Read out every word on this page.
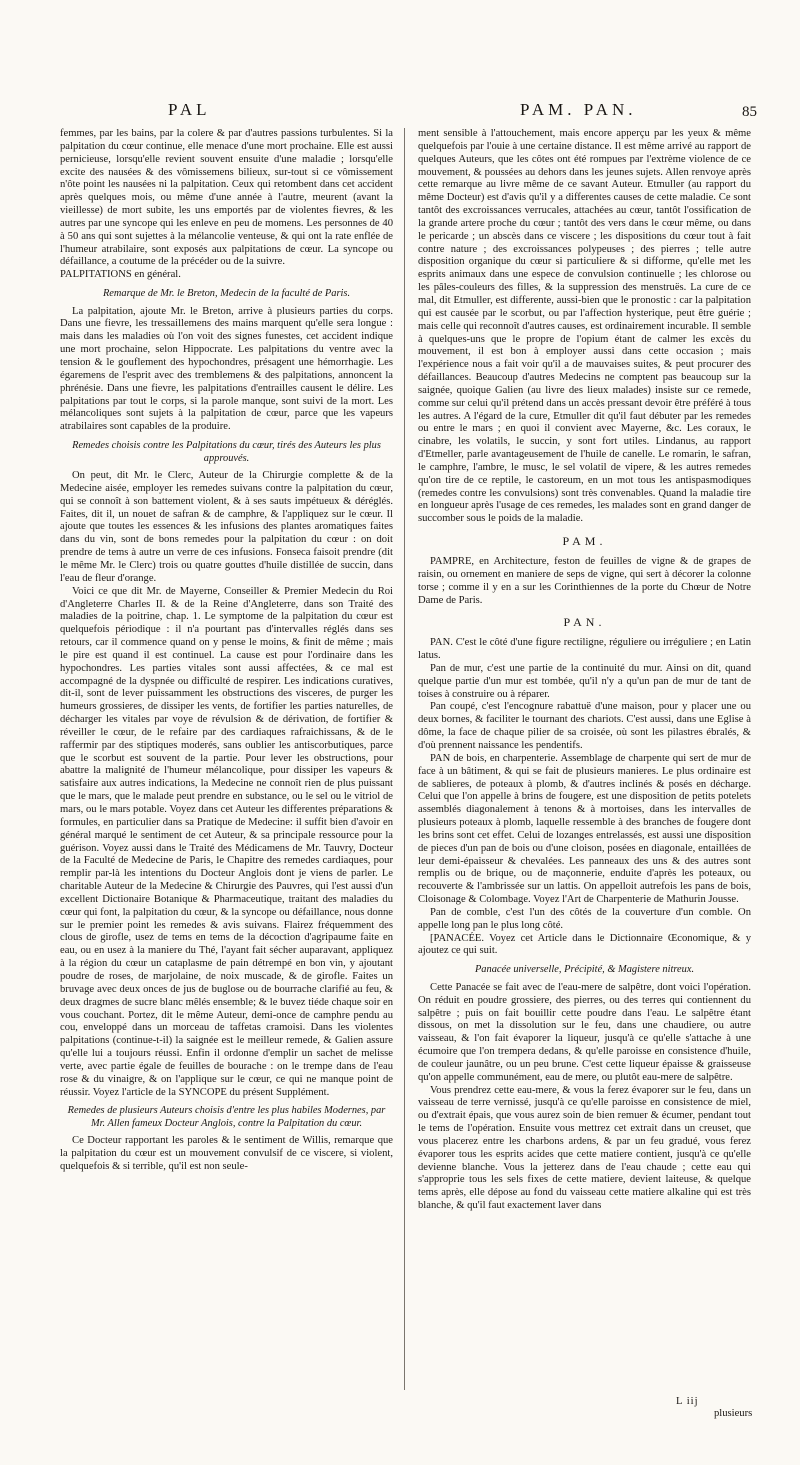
PAL	PAM. PAN.	85

femmes, par les bains, par la colere & par d'autres passions turbulentes. Si la palpitation du cœur continue, elle menace d'une mort prochaine. Elle est aussi pernicieuse, lorsqu'elle revient souvent ensuite d'une maladie ; lorsqu'elle excite des nausées & des vômissemens bilieux, sur-tout si ce vômissement n'ôte point les nausées ni la palpitation. Ceux qui retombent dans cet accident après quelques mois, ou même d'une année à l'autre, meurent (avant la vieillesse) de mort subite, les uns emportés par de violentes fievres, & les autres par une syncope qui les enleve en peu de momens. Les personnes de 40 à 50 ans qui sont sujettes à la mélancolie venteuse, & qui ont la rate enflée de l'humeur atrabilaire, sont exposés aux palpitations de cœur. La syncope ou défaillance, a coutume de la précéder ou de la suivre.

PALPITATIONS en général.

Remarque de Mr. le Breton, Medecin de la faculté de Paris.

La palpitation, ajoute Mr. le Breton, arrive à plusieurs parties du corps. Dans une fievre, les tressaillemens des mains marquent qu'elle sera longue : mais dans les maladies où l'on voit des signes funestes, cet accident indique une mort prochaine, selon Hippocrate. Les palpitations du ventre avec la tension & le gouflement des hypochondres, présagent une hémorrhagie. Les égaremens de l'esprit avec des tremblemens & des palpitations, annoncent la phrénésie. Dans une fievre, les palpitations d'entrailles causent le délire. Les palpitations par tout le corps, si la parole manque, sont suivi de la mort. Les mélancoliques sont sujets à la palpitation de cœur, parce que les vapeurs atrabilaires sont capables de la produire.

Remedes choisis contre les Palpitations du cœur, tirés des Auteurs les plus approuvés.

On peut, dit Mr. le Clerc, Auteur de la Chirurgie complette & de la Medecine aisée, employer les remedes suivans contre la palpitation du cœur, qui se connoît à son battement violent, & à ses sauts impétueux & déréglés. Faites, dit il, un nouet de safran & de camphre, & l'appliquez sur le cœur. Il ajoute que toutes les essences & les infusions des plantes aromatiques faites dans du vin, sont de bons remedes pour la palpitation du cœur : on doit prendre de tems à autre un verre de ces infusions. Fonseca faisoit prendre (dit le même Mr. le Clerc) trois ou quatre gouttes d'huile distillée de succin, dans l'eau de fleur d'orange.

Voici ce que dit Mr. de Mayerne, Conseiller & Premier Medecin du Roi d'Angleterre Charles II. & de la Reine d'Angleterre, dans son Traité des maladies de la poitrine, chap. 1. Le symptome de la palpitation du cœur est quelquefois périodique : il n'a pourtant pas d'intervalles réglés dans ses retours, car il commence quand on y pense le moins, & finit de même ; mais le pire est quand il est continuel. La cause est pour l'ordinaire dans les hypochondres. Les parties vitales sont aussi affectées, & ce mal est accompagné de la dyspnée ou difficulté de respirer. Les indications curatives, dit-il, sont de lever puissamment les obstructions des visceres, de purger les humeurs grossieres, de dissiper les vents, de fortifier les parties naturelles, de décharger les vitales par voye de révulsion & de dérivation, de fortifier & réveiller le cœur, de le refaire par des cardiaques rafraichissans, & de le raffermir par des stiptiques moderés, sans oublier les antiscorbutiques, parce que le scorbut est souvent de la partie. Pour lever les obstructions, pour abattre la malignité de l'humeur mélancolique, pour dissiper les vapeurs & satisfaire aux autres indications, la Medecine ne connoît rien de plus puissant que le mars, que le malade peut prendre en substance, ou le sel ou le vitriol de mars, ou le mars potable. Voyez dans cet Auteur les differentes préparations & formules, en particulier dans sa Pratique de Medecine: il suffit bien d'avoir en général marqué le sentiment de cet Auteur, & sa principale ressource pour la guérison. Voyez aussi dans le Traité des Médicamens de Mr. Tauvry, Docteur de la Faculté de Medecine de Paris, le Chapitre des remedes cardiaques, pour remplir par-là les intentions du Docteur Anglois dont je viens de parler. Le charitable Auteur de la Medecine & Chirurgie des Pauvres, qui l'est aussi d'un excellent Dictionaire Botanique & Pharmaceutique, traitant des maladies du cœur qui font, la palpitation du cœur, & la syncope ou défaillance, nous donne sur le premier point les remedes & avis suivans. Flairez fréquemment des clous de girofle, usez de tems en tems de la décoction d'agripaume faite en eau, ou en usez à la maniere du Thé, l'ayant fait sécher auparavant, appliquez à la région du cœur un cataplasme de pain détrempé en bon vin, y ajoutant poudre de roses, de marjolaine, de noix muscade, & de girofle. Faites un bruvage avec deux onces de jus de buglose ou de bourrache clarifié au feu, & deux dragmes de sucre blanc mêlés ensemble; & le buvez tiéde chaque soir en vous couchant. Portez, dit le même Auteur, demi-once de camphre pendu au cou, enveloppé dans un morceau de taffetas cramoisi. Dans les violentes palpitations (continue-t-il) la saignée est le meilleur remede, & Galien assure qu'elle lui a toujours réussi. Enfin il ordonne d'emplir un sachet de melisse verte, avec partie égale de feuilles de bourache : on le trempe dans de l'eau rose & du vinaigre, & on l'applique sur le cœur, ce qui ne manque point de réussir. Voyez l'article de la SYNCOPE du présent Supplément.

Remedes de plusieurs Auteurs choisis d'entre les plus habiles Modernes, par Mr. Allen fameux Docteur Anglois, contre la Palpitation du cœur.

Ce Docteur rapportant les paroles & le sentiment de Willis, remarque que la palpitation du cœur est un mouvement convulsif de ce viscere, si violent, quelquefois & si terrible, qu'il est non seule-

ment sensible à l'attouchement, mais encore apperçu par les yeux & même quelquefois par l'ouie à une certaine distance. Il est même arrivé au rapport de quelques Auteurs, que les côtes ont été rompues par l'extrème violence de ce mouvement, & poussées au dehors dans les jeunes sujets. Allen renvoye après cette remarque au livre même de ce savant Auteur. Etmuller (au rapport du même Docteur) est d'avis qu'il y a differentes causes de cette maladie. Ce sont tantôt des excroissances verrucales, attachées au cœur, tantôt l'ossification de la grande artere proche du cœur ; tantôt des vers dans le cœur même, ou dans le pericarde ; un abscès dans ce viscere ; les dispositions du cœur tout à fait contre nature ; des excroissances polypeuses ; des pierres ; telle autre disposition organique du cœur si particuliere & si difforme, qu'elle met les esprits animaux dans une espece de convulsion continuelle ; les chlorose ou les pâles-couleurs des filles, & la suppression des menstruës. La cure de ce mal, dit Etmuller, est differente, aussi-bien que le pronostic : car la palpitation qui est causée par le scorbut, ou par l'affection hysterique, peut être guérie ; mais celle qui reconnoît d'autres causes, est ordinairement incurable. Il semble à quelques-uns que le propre de l'opium étant de calmer les excès du mouvement, il est bon à employer aussi dans cette occasion ; mais l'expérience nous a fait voir qu'il a de mauvaises suites, & peut procurer des défaillances. Beaucoup d'autres Medecins ne comptent pas beaucoup sur la saignée, quoique Galien (au livre des lieux malades) insiste sur ce remede, comme sur celui qu'il prétend dans un accès pressant devoir être préféré à tous les autres. A l'égard de la cure, Etmuller dit qu'il faut débuter par les remedes ou entre le mars ; en quoi il convient avec Mayerne, &c. Les coraux, le cinabre, les volatils, le succin, y sont fort utiles. Lindanus, au rapport d'Etmeller, parle avantageusement de l'huile de canelle. Le romarin, le safran, le camphre, l'ambre, le musc, le sel volatil de vipere, & les autres remedes qu'on tire de ce reptile, le castoreum, en un mot tous les antispasmodiques (remedes contre les convulsions) sont très convenables. Quand la maladie tire en longueur après l'usage de ces remedes, les malades sont en grand danger de succomber sous le poids de la maladie.

PAM.

PAMPRE, en Architecture, feston de feuilles de vigne & de grapes de raisin, ou ornement en maniere de seps de vigne, qui sert à décorer la colonne torse ; comme il y en a sur les Corinthiennes de la porte du Chœur de Notre Dame de Paris.

PAN.

PAN. C'est le côté d'une figure rectiligne, réguliere ou irréguliere ; en Latin latus.

Pan de mur, c'est une partie de la continuité du mur. Ainsi on dit, quand quelque partie d'un mur est tombée, qu'il n'y a qu'un pan de mur de tant de toises à construire ou à réparer.

Pan coupé, c'est l'encognure rabattuë d'une maison, pour y placer une ou deux bornes, & faciliter le tournant des chariots. C'est aussi, dans une Eglise à dôme, la face de chaque pilier de sa croisée, où sont les pilastres ébralés, & d'où prennent naissance les pendentifs.

PAN de bois, en charpenterie. Assemblage de charpente qui sert de mur de face à un bâtiment, & qui se fait de plusieurs manieres. Le plus ordinaire est de sablieres, de poteaux à plomb, & d'autres inclinés & posés en décharge. Celui que l'on appelle à brins de fougere, est une disposition de petits potelets assemblés diagonalement à tenons & à mortoises, dans les intervalles de plusieurs poteaux à plomb, laquelle ressemble à des branches de fougere dont les brins sont cet effet. Celui de lozanges entrelassés, est aussi une disposition de pieces d'un pan de bois ou d'une cloison, posées en diagonale, entaillées de leur demi-épaisseur & chevalées. Les panneaux des uns & des autres sont remplis ou de brique, ou de maçonnerie, enduite d'après les poteaux, ou recouverte & l'ambrissée sur un lattis. On appelloit autrefois les pans de bois, Cloisonage & Colombage. Voyez l'Art de Charpenterie de Mathurin Jousse.

Pan de comble, c'est l'un des côtés de la couverture d'un comble. On appelle long pan le plus long côté.

[PANACÉE. Voyez cet Article dans le Dictionnaire Œconomique, & y ajoutez ce qui suit.

Panacée universelle, Précipité, & Magistere nitreux.

Cette Panacée se fait avec de l'eau-mere de salpêtre, dont voici l'opération. On réduit en poudre grossiere, des pierres, ou des terres qui contiennent du salpêtre ; puis on fait bouillir cette poudre dans l'eau. Le salpêtre étant dissous, on met la dissolution sur le feu, dans une chaudiere, ou autre vaisseau, & l'on fait évaporer la liqueur, jusqu'à ce qu'elle s'attache à une écumoire que l'on trempera dedans, & qu'elle paroisse en consistence d'huile, de couleur jaunâtre, ou un peu brune. C'est cette liqueur épaisse & graisseuse qu'on appelle communément, eau de mere, ou plutôt eau-mere de salpêtre.

Vous prendrez cette eau-mere, & vous la ferez évaporer sur le feu, dans un vaisseau de terre vernissé, jusqu'à ce qu'elle paroisse en consistence de miel, ou d'extrait épais, que vous aurez soin de bien remuer & écumer, pendant tout le tems de l'opération. Ensuite vous mettrez cet extrait dans un creuset, que vous placerez entre les charbons ardens, & par un feu gradué, vous ferez évaporer tous les esprits acides que cette matiere contient, jusqu'à ce qu'elle devienne blanche. Vous la jetterez dans de l'eau chaude ; cette eau qui s'approprie tous les sels fixes de cette matiere, devient laiteuse, & quelque tems après, elle dépose au fond du vaisseau cette matiere alkaline qui est très blanche, & qu'il faut exactement laver dans

L iij
plusieurs
